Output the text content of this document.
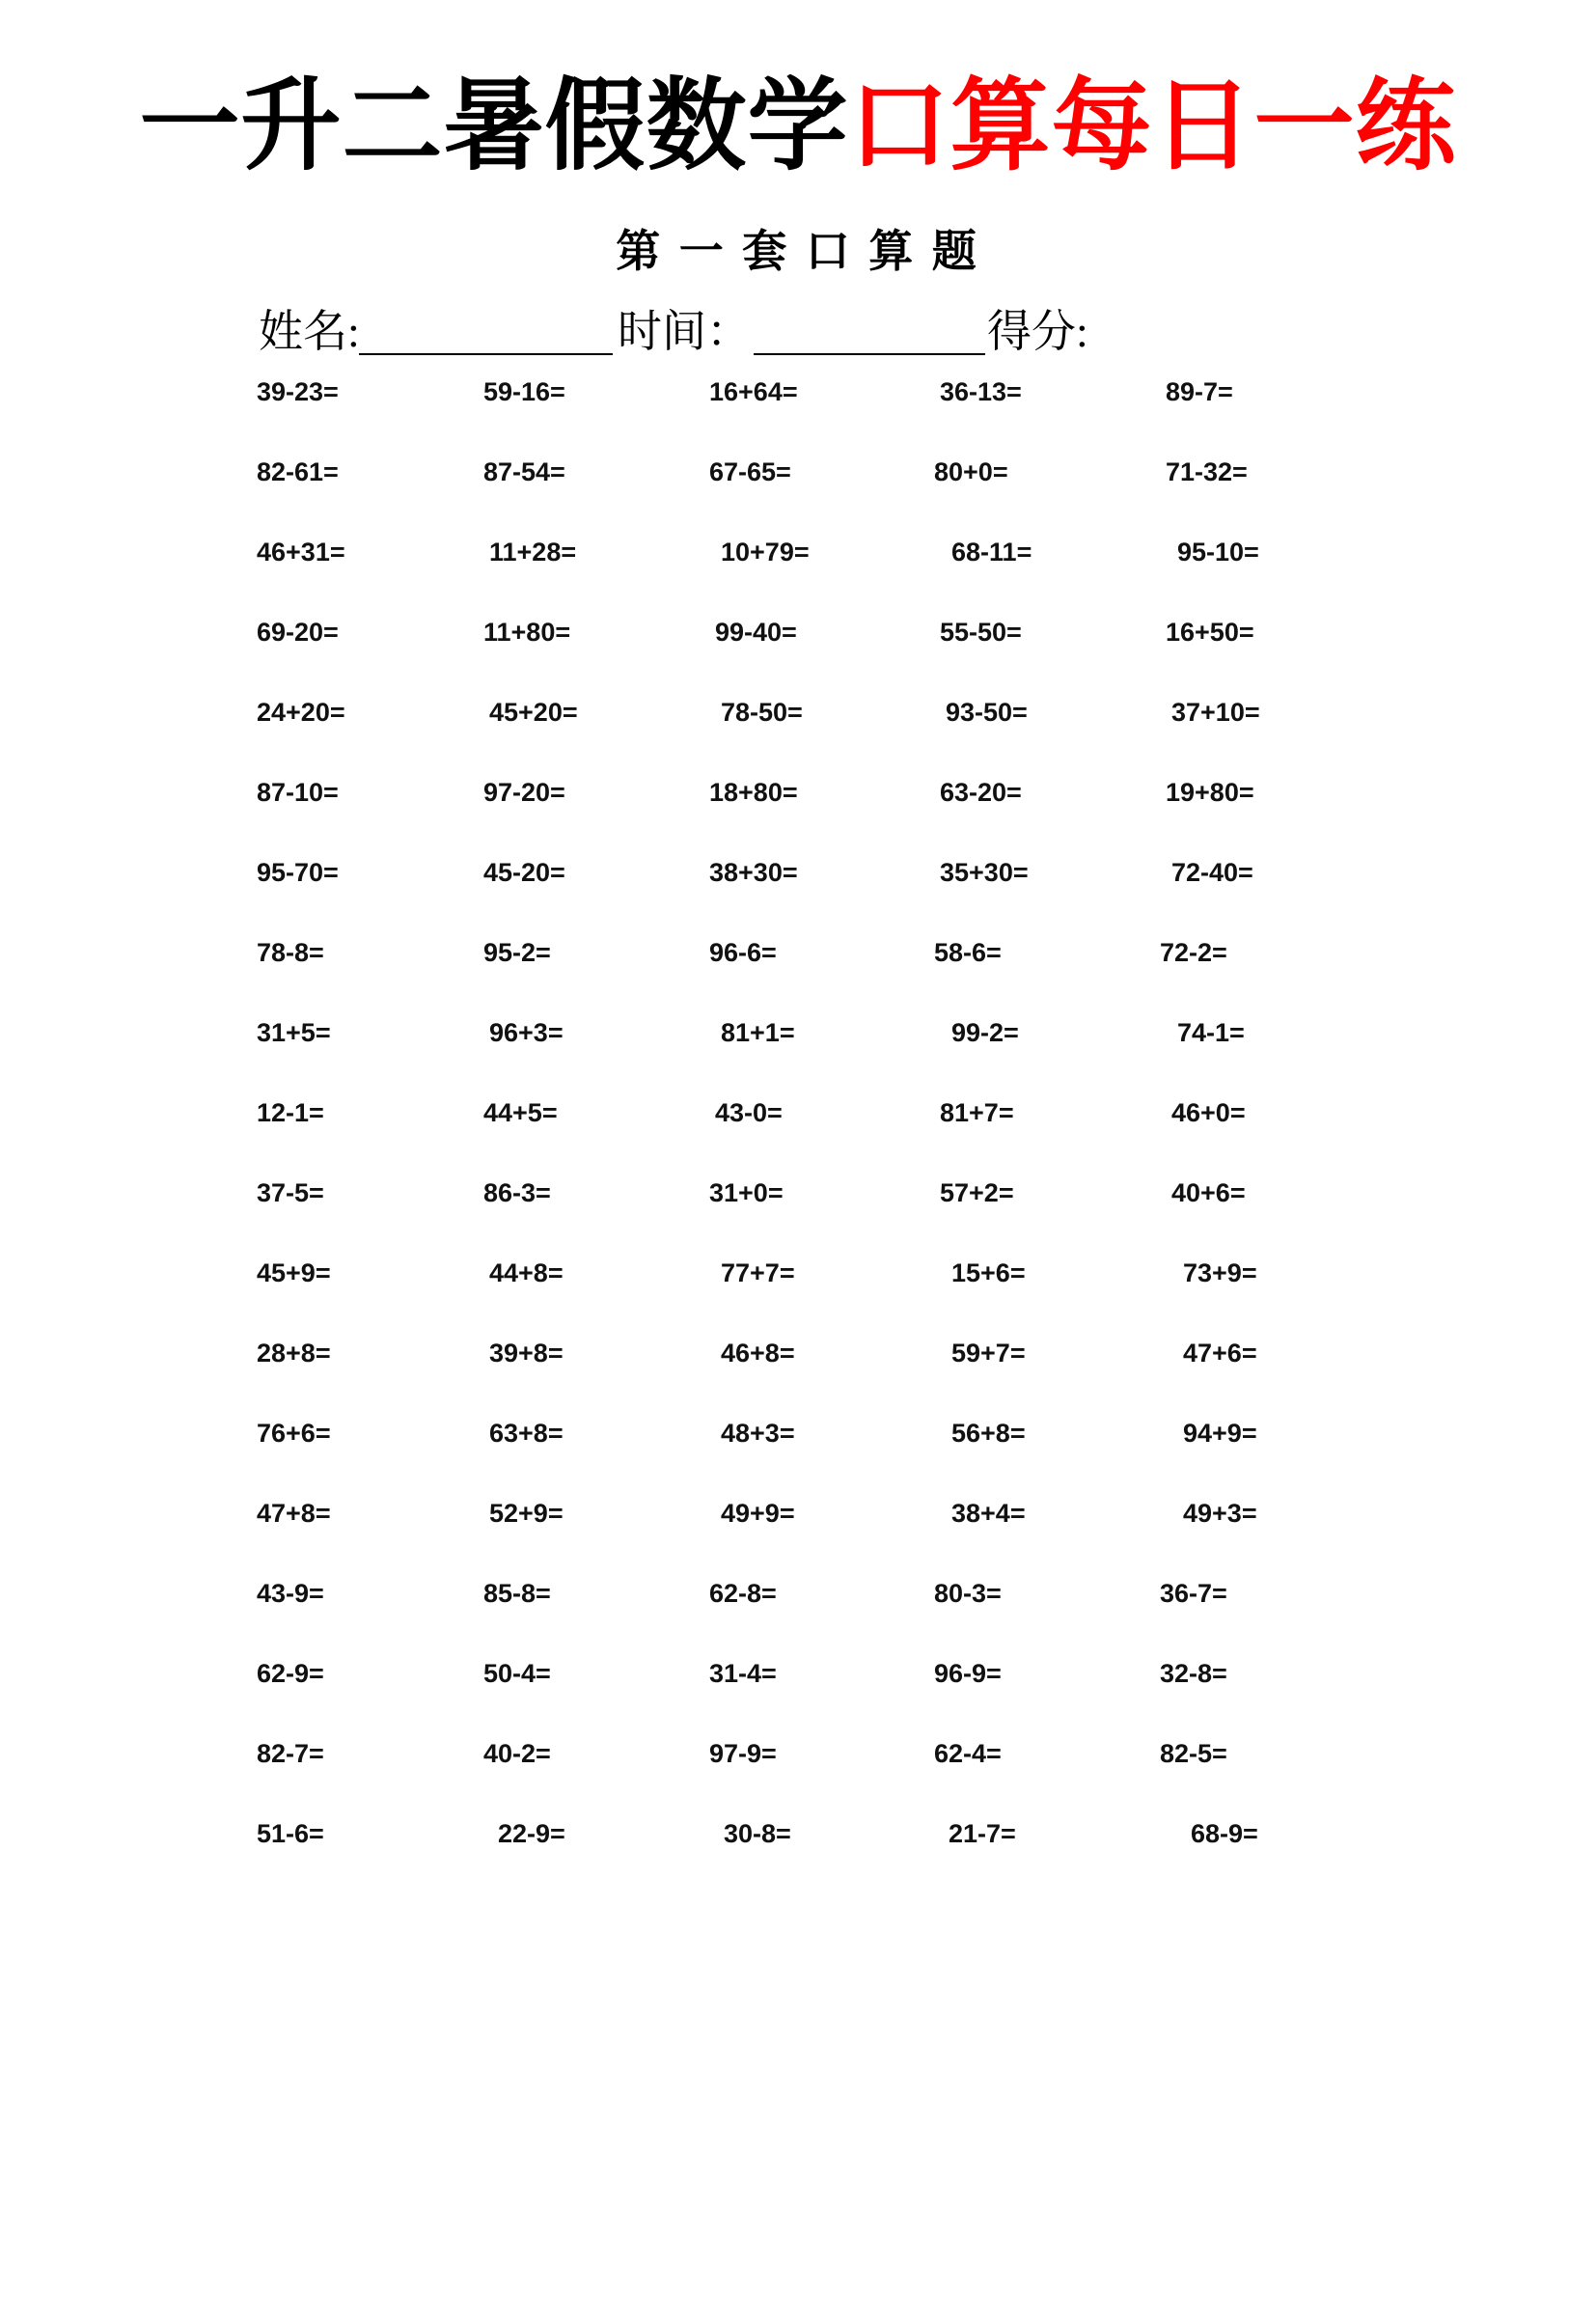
一升二暑假数学口算每日一练
第 一 套 口 算 题
姓名:	时间：	得分:
39-23=	59-16=	16+64=	36-13=	89-7=
82-61=	87-54=	67-65=	80+0=	71-32=
46+31=	11+28=	10+79=	68-11=	95-10=
69-20=	11+80=	99-40=	55-50=	16+50=
24+20=	45+20=	78-50=	93-50=	37+10=
87-10=	97-20=	18+80=	63-20=	19+80=
95-70=	45-20=	38+30=	35+30=	72-40=
78-8=	95-2=	96-6=	58-6=	72-2=
31+5=	96+3=	81+1=	99-2=	74-1=
12-1=	44+5=	43-0=	81+7=	46+0=
37-5=	86-3=	31+0=	57+2=	40+6=
45+9=	44+8=	77+7=	15+6=	73+9=
28+8=	39+8=	46+8=	59+7=	47+6=
76+6=	63+8=	48+3=	56+8=	94+9=
47+8=	52+9=	49+9=	38+4=	49+3=
43-9=	85-8=	62-8=	80-3=	36-7=
62-9=	50-4=	31-4=	96-9=	32-8=
82-7=	40-2=	97-9=	62-4=	82-5=
51-6=	22-9=	30-8=	21-7=	68-9=
